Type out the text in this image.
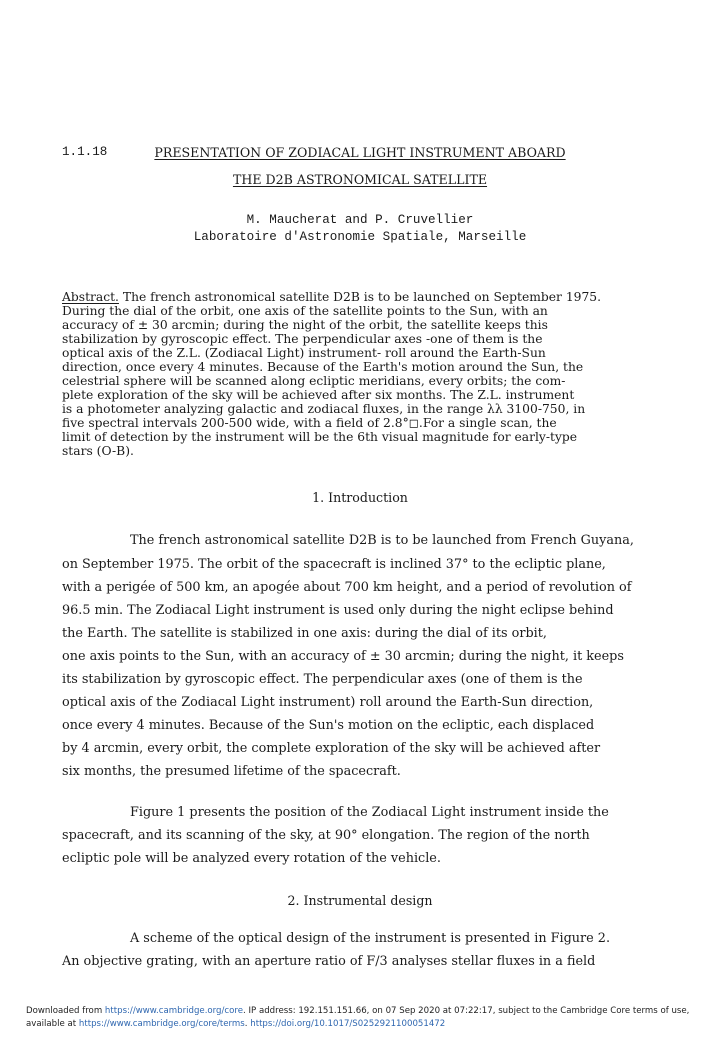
1.1.18	PRESENTATION OF ZODIACAL LIGHT INSTRUMENT ABOARD
THE D2B ASTRONOMICAL SATELLITE
M. Maucherat and P. Cruvellier
Laboratoire d'Astronomie Spatiale, Marseille
Abstract. The french astronomical satellite D2B is to be launched on September 1975.
During the dial of the orbit, one axis of the satellite points to the Sun, with an
accuracy of ± 30 arcmin; during the night of the orbit, the satellite keeps this
stabilization by gyroscopic effect. The perpendicular axes -one of them is the
optical axis of the Z.L. (Zodiacal Light) instrument- roll around the Earth-Sun
direction, once every 4 minutes. Because of the Earth's motion around the Sun, the
celestrial sphere will be scanned along ecliptic meridians, every orbits; the com-
plete exploration of the sky will be achieved after six months. The Z.L. instrument
is a photometer analyzing galactic and zodiacal fluxes, in the range λλ 3100-750, in
five spectral intervals 200-500 wide, with a field of 2.8°◻.For a single scan, the
limit of detection by the instrument will be the 6th visual magnitude for early-type
stars (O-B).
1. Introduction
The french astronomical satellite D2B is to be launched from French Guyana,
on September 1975. The orbit of the spacecraft is inclined 37° to the ecliptic plane,
with a perigée of 500 km, an apogée about 700 km height, and a period of revolution of
96.5 min. The Zodiacal Light instrument is used only during the night eclipse behind
the Earth. The satellite is stabilized in one axis: during the dial of its orbit,
one axis points to the Sun, with an accuracy of ± 30 arcmin; during the night, it keeps
its stabilization by gyroscopic effect. The perpendicular axes (one of them is the
optical axis of the Zodiacal Light instrument) roll around the Earth-Sun direction,
once every 4 minutes. Because of the Sun's motion on the ecliptic, each displaced
by 4 arcmin, every orbit, the complete exploration of the sky will be achieved after
six months, the presumed lifetime of the spacecraft.
Figure 1 presents the position of the Zodiacal Light instrument inside the
spacecraft, and its scanning of the sky, at 90° elongation. The region of the north
ecliptic pole will be analyzed every rotation of the vehicle.
2. Instrumental design
A scheme of the optical design of the instrument is presented in Figure 2.
An objective grating, with an aperture ratio of F/3 analyses stellar fluxes in a field
Downloaded from https://www.cambridge.org/core. IP address: 192.151.151.66, on 07 Sep 2020 at 07:22:17, subject to the Cambridge Core terms of use,
available at https://www.cambridge.org/core/terms. https://doi.org/10.1017/S0252921100051472
